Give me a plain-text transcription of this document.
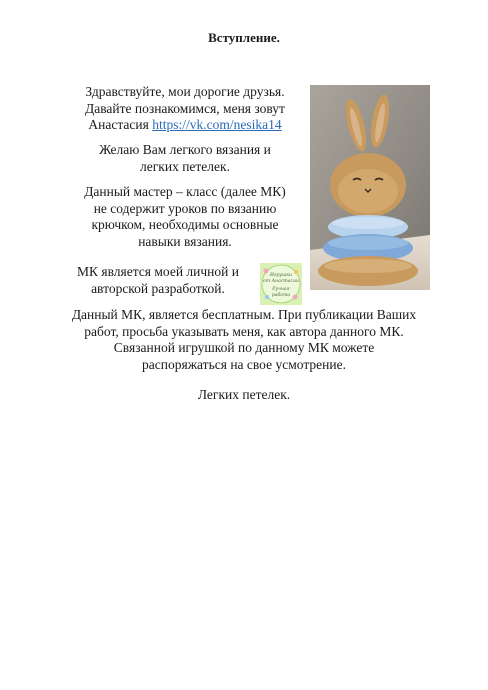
Вступление.
Здравствуйте, мои дорогие друзья.
Давайте познакомимся, меня зовут
Анастасия https://vk.com/nesika14
Желаю Вам легкого вязания и
легких петелек.
Данный мастер – класс (далее МК)
не содержит уроков по вязанию
крючком, необходимы основные
навыки вязания.
МК является моей личной и
авторской разработкой.
Данный МК, является бесплатным. При публикации Ваших
работ, просьба указывать меня, как автора данного МК.
Связанной игрушкой по данному МК можете
распоряжаться на свое усмотрение.
Легких петелек.
Игрушки
от Анастасии
Ручная
работа
